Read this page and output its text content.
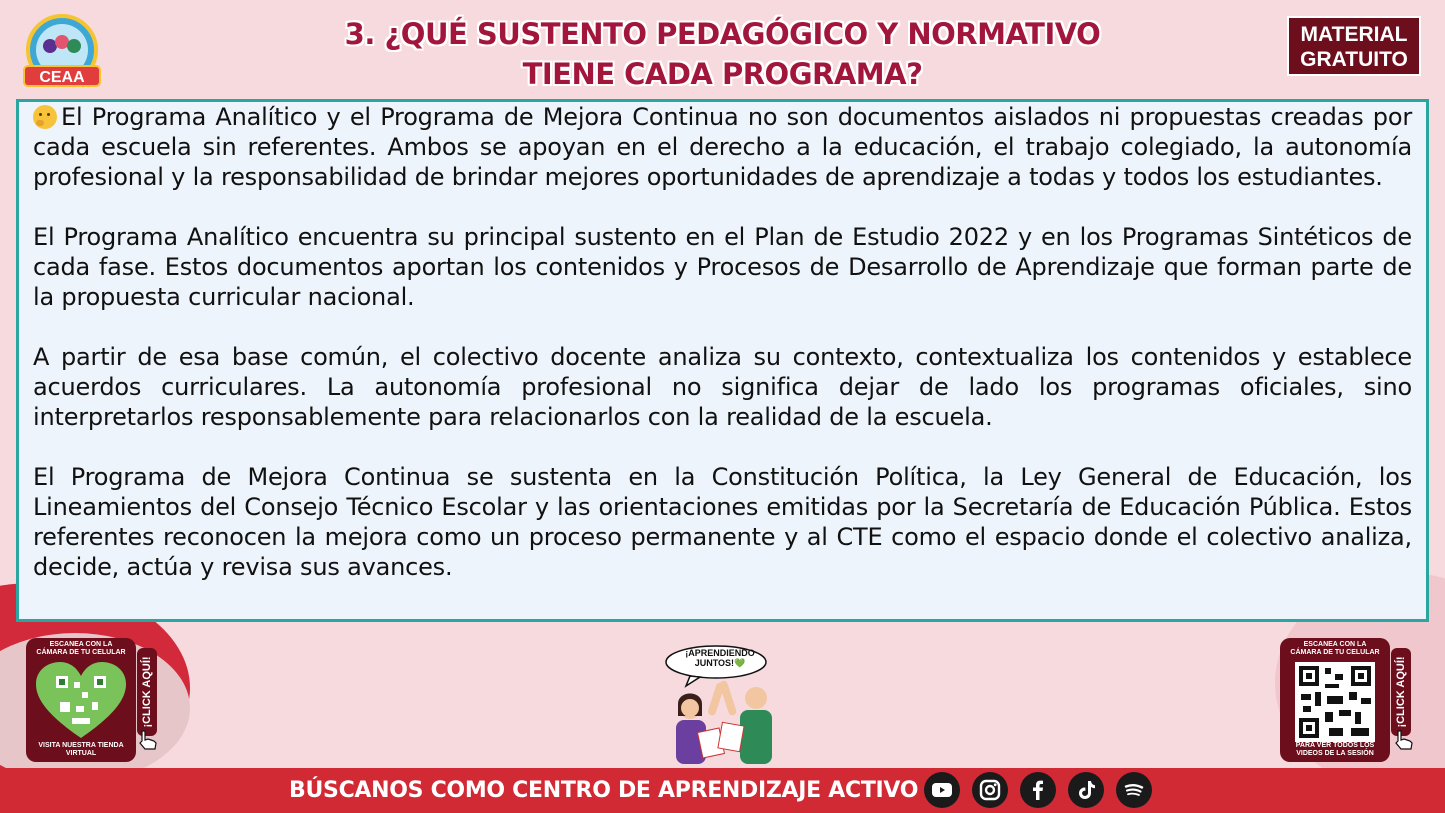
CEAA
3. ¿QUÉ SUSTENTO PEDAGÓGICO Y NORMATIVO
TIENE CADA PROGRAMA?
MATERIAL
GRATUITO

El Programa Analítico y el Programa de Mejora Continua no son documentos aislados ni propuestas creadas por cada escuela sin referentes. Ambos se apoyan en el derecho a la educación, el trabajo colegiado, la autonomía profesional y la responsabilidad de brindar mejores oportunidades de aprendizaje a todas y todos los estudiantes.

El Programa Analítico encuentra su principal sustento en el Plan de Estudio 2022 y en los Programas Sintéticos de cada fase. Estos documentos aportan los contenidos y Procesos de Desarrollo de Aprendizaje que forman parte de la propuesta curricular nacional.

A partir de esa base común, el colectivo docente analiza su contexto, contextualiza los contenidos y establece acuerdos curriculares. La autonomía profesional no significa dejar de lado los programas oficiales, sino interpretarlos responsablemente para relacionarlos con la realidad de la escuela.

El Programa de Mejora Continua se sustenta en la Constitución Política, la Ley General de Educación, los Lineamientos del Consejo Técnico Escolar y las orientaciones emitidas por la Secretaría de Educación Pública. Estos referentes reconocen la mejora como un proceso permanente y al CTE como el espacio donde el colectivo analiza, decide, actúa y revisa sus avances.

ESCANEA CON LA
CÁMARA DE TU CELULAR
VISITA NUESTRA TIENDA
VIRTUAL
¡CLICK AQUÍ!
¡APRENDIENDO
JUNTOS!💚
ESCANEA CON LA
CÁMARA DE TU CELULAR
PARA VER TODOS LOS
VIDEOS DE LA SESIÓN
¡CLICK AQUÍ!
BÚSCANOS COMO CENTRO DE APRENDIZAJE ACTIVO
